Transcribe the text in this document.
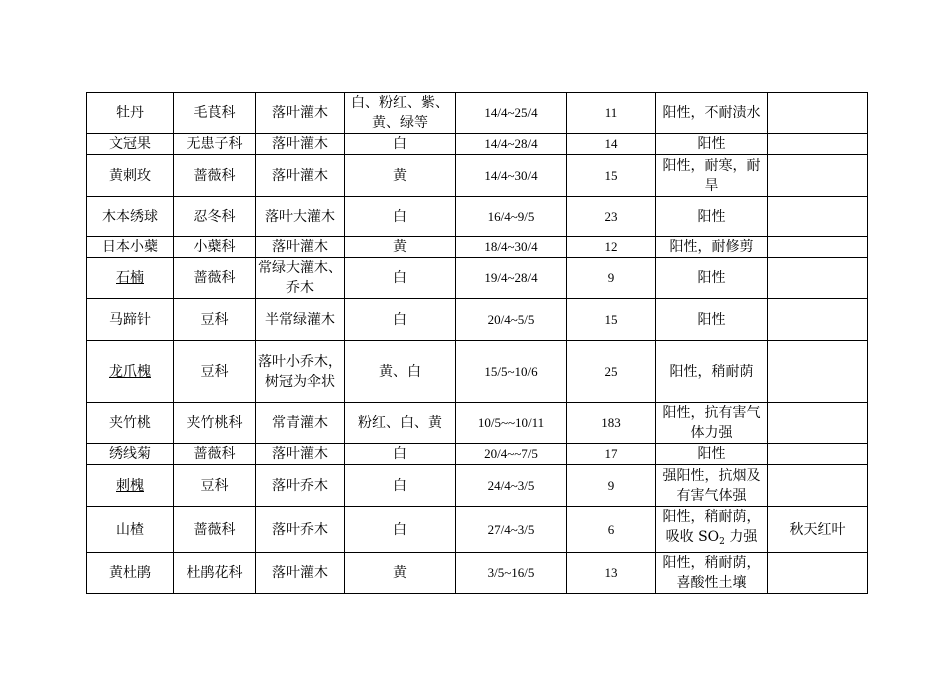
牡丹	毛茛科	落叶灌木	白、粉红、紫、黄、绿等	14/4~25/4	11	阳性，不耐渍水	
文冠果	无患子科	落叶灌木	白	14/4~28/4	14	阳性	
黄刺玫	蔷薇科	落叶灌木	黄	14/4~30/4	15	阳性，耐寒，耐旱	
木本绣球	忍冬科	落叶大灌木	白	16/4~9/5	23	阳性	
日本小蘗	小蘗科	落叶灌木	黄	18/4~30/4	12	阳性，耐修剪	
石楠	蔷薇科	常绿大灌木、乔木	白	19/4~28/4	9	阳性	
马蹄针	豆科	半常绿灌木	白	20/4~5/5	15	阳性	
龙爪槐	豆科	落叶小乔木，树冠为伞状	黄、白	15/5~10/6	25	阳性，稍耐荫	
夹竹桃	夹竹桃科	常青灌木	粉红、白、黄	10/5~~10/11	183	阳性，抗有害气体力强	
绣线菊	蔷薇科	落叶灌木	白	20/4~~7/5	17	阳性	
刺槐	豆科	落叶乔木	白	24/4~3/5	9	强阳性，抗烟及有害气体强	
山楂	蔷薇科	落叶乔木	白	27/4~3/5	6	阳性，稍耐荫，吸收 $SO_2$ 力强	秋天红叶
黄杜鹃	杜鹃花科	落叶灌木	黄	3/5~16/5	13	阳性，稍耐荫，喜酸性土壤	
